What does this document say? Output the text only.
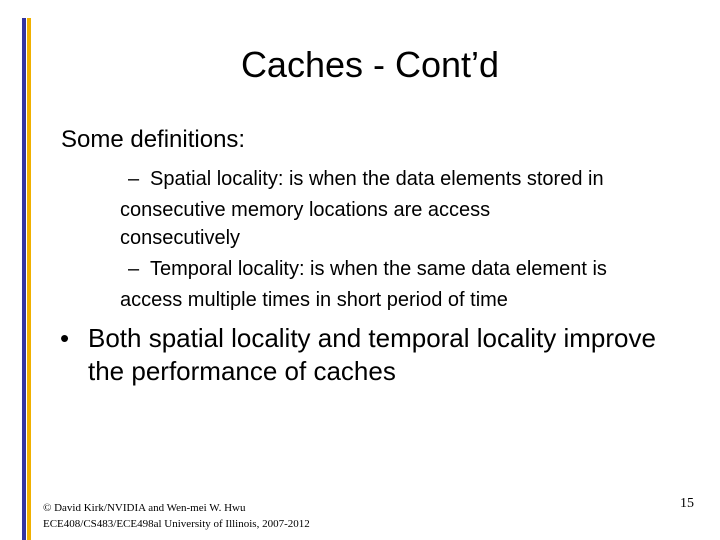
Caches - Cont’d
Some definitions:
– Spatial locality: is when the data elements stored in
consecutive memory locations are access
consecutively
– Temporal locality: is when the same data element is
access multiple times in short period of time
• Both spatial locality and temporal locality improve
the performance of caches
© David Kirk/NVIDIA and Wen-mei W. Hwu
ECE408/CS483/ECE498al University of Illinois, 2007-2012
15
